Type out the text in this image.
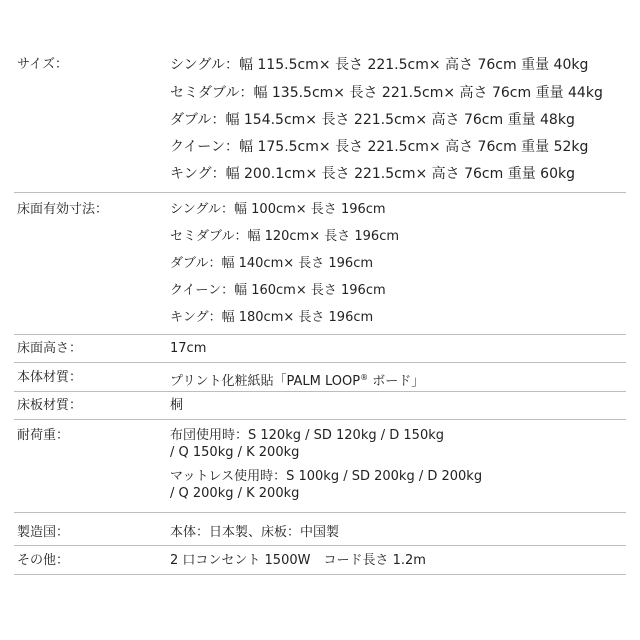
サイズ：	シングル：幅 115.5cm× 長さ 221.5cm× 高さ 76cm 重量 40kg
セミダブル：幅 135.5cm× 長さ 221.5cm× 高さ 76cm 重量 44kg
ダブル：幅 154.5cm× 長さ 221.5cm× 高さ 76cm 重量 48kg
クイーン：幅 175.5cm× 長さ 221.5cm× 高さ 76cm 重量 52kg
キング：幅 200.1cm× 長さ 221.5cm× 高さ 76cm 重量 60kg
床面有効寸法：	シングル：幅 100cm× 長さ 196cm
セミダブル：幅 120cm× 長さ 196cm
ダブル：幅 140cm× 長さ 196cm
クイーン：幅 160cm× 長さ 196cm
キング：幅 180cm× 長さ 196cm
床面高さ：	17cm
本体材質：	プリント化粧紙貼「PALM LOOP® ボード」
床板材質：	桐
耐荷重：	布団使用時：S 120kg / SD 120kg / D 150kg
/ Q 150kg / K 200kg
マットレス使用時：S 100kg / SD 200kg / D 200kg
/ Q 200kg / K 200kg
製造国：	本体：日本製、床板：中国製
その他：	2 口コンセント 1500W　コード長さ 1.2m
